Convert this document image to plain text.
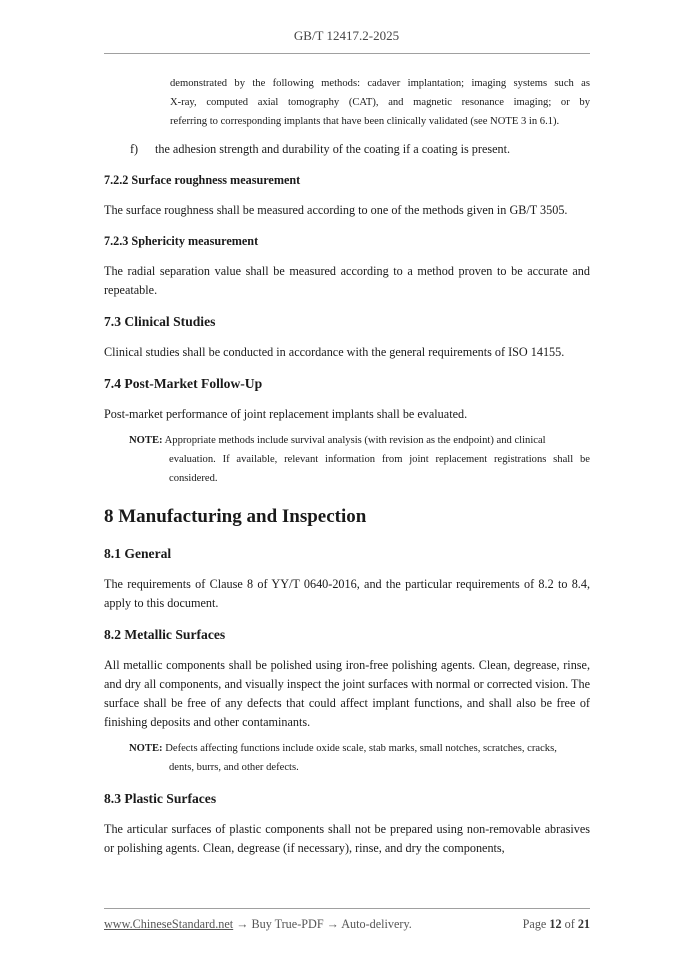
GB/T 12417.2-2025

demonstrated by the following methods: cadaver implantation; imaging systems such as
X-ray, computed axial tomography (CAT), and magnetic resonance imaging; or by
referring to corresponding implants that have been clinically validated (see NOTE 3 in 6.1).

f)	the adhesion strength and durability of the coating if a coating is present.

7.2.2 Surface roughness measurement

The surface roughness shall be measured according to one of the methods given in GB/T 3505.

7.2.3 Sphericity measurement

The radial separation value shall be measured according to a method proven to be accurate and repeatable.

7.3 Clinical Studies

Clinical studies shall be conducted in accordance with the general requirements of ISO 14155.

7.4 Post-Market Follow-Up

Post-market performance of joint replacement implants shall be evaluated.

NOTE: Appropriate methods include survival analysis (with revision as the endpoint) and clinical
evaluation. If available, relevant information from joint replacement registrations shall be considered.

8 Manufacturing and Inspection

8.1 General

The requirements of Clause 8 of YY/T 0640-2016, and the particular requirements of 8.2 to 8.4, apply to this document.

8.2 Metallic Surfaces

All metallic components shall be polished using iron-free polishing agents. Clean, degrease, rinse, and dry all components, and visually inspect the joint surfaces with normal or corrected vision. The surface shall be free of any defects that could affect implant functions, and shall also be free of finishing deposits and other contaminants.

NOTE: Defects affecting functions include oxide scale, stab marks, small notches, scratches, cracks,
dents, burrs, and other defects.

8.3 Plastic Surfaces

The articular surfaces of plastic components shall not be prepared using non-removable abrasives or polishing agents. Clean, degrease (if necessary), rinse, and dry the components,

www.ChineseStandard.net → Buy True-PDF → Auto-delivery.	Page 12 of 21
